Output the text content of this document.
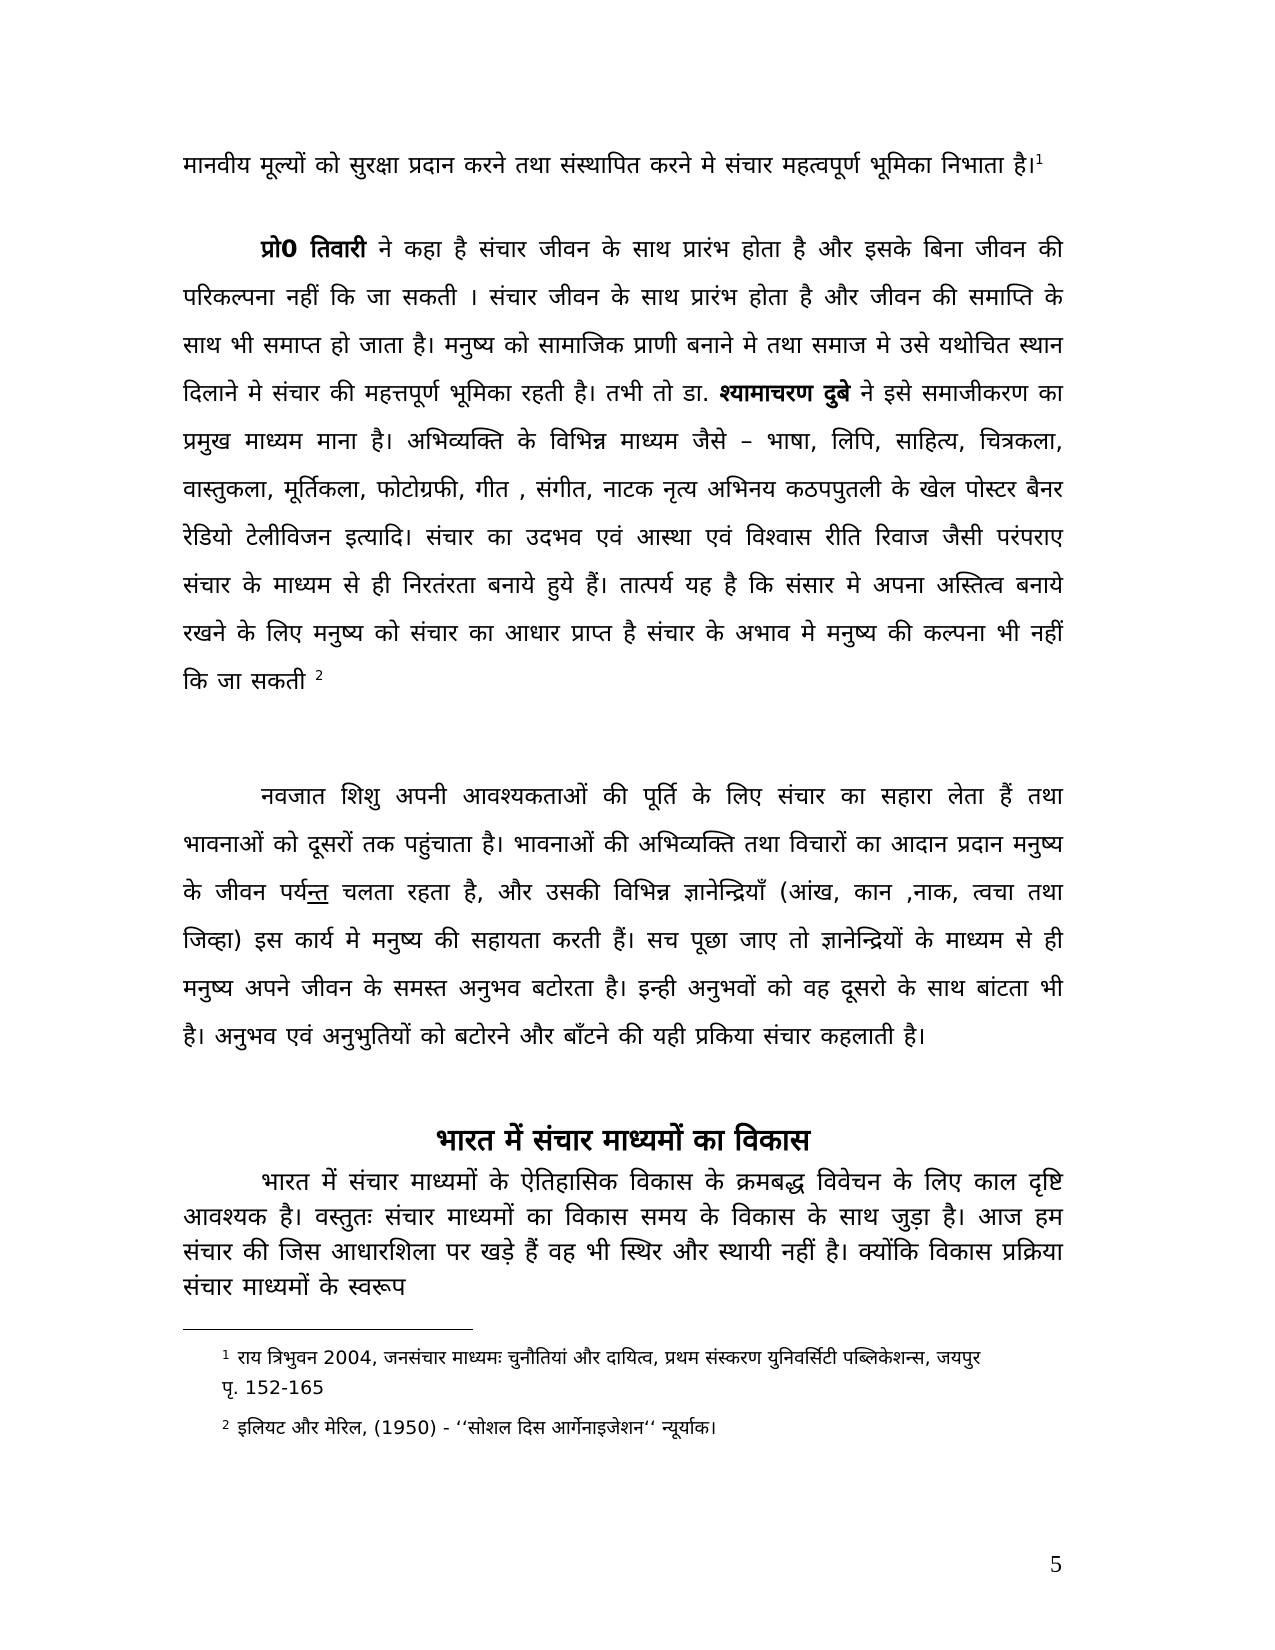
मानवीय मूल्यों को सुरक्षा प्रदान करने तथा संस्थापित करने मे संचार महत्वपूर्ण भूमिका निभाता है।$^1$

प्रो0 तिवारी ने कहा है संचार जीवन के साथ प्रारंभ होता है और इसके बिना जीवन की परिकल्पना नहीं कि जा सकती । संचार जीवन के साथ प्रारंभ होता है और जीवन की समाप्ति के साथ भी समाप्त हो जाता है। मनुष्य को सामाजिक प्राणी बनाने मे तथा समाज मे उसे यथोचित स्थान दिलाने मे संचार की महत्तपूर्ण भूमिका रहती है। तभी तो डा. श्यामाचरण दुबे ने इसे समाजीकरण का प्रमुख माध्यम माना है। अभिव्यक्ति के विभिन्न माध्यम जैसे – भाषा, लिपि, साहित्य, चित्रकला, वास्तुकला, मूर्तिकला, फोटोग्रफी, गीत , संगीत, नाटक नृत्य अभिनय कठपपुतली के खेल पोस्टर बैनर रेडियो टेलीविजन इत्यादि। संचार का उदभव एवं आस्था एवं विश्वास रीति रिवाज जैसी परंपराए संचार के माध्यम से ही निरतंरता बनाये हुये हैं। तात्पर्य यह है कि संसार मे अपना अस्तित्व बनाये रखने के लिए मनुष्य को संचार का आधार प्राप्त है संचार के अभाव मे मनुष्य की कल्पना भी नहीं कि जा सकती $^2$

नवजात शिशु अपनी आवश्यकताओं की पूर्ति के लिए संचार का सहारा लेता हैं तथा भावनाओं को दूसरों तक पहुंचाता है। भावनाओं की अभिव्यक्ति तथा विचारों का आदान प्रदान मनुष्य के जीवन पर्यन्त चलता रहता है, और उसकी विभिन्न ज्ञानेन्द्रियॉं (आंख, कान ,नाक, त्वचा तथा जिव्हा) इस कार्य मे मनुष्य की सहायता करती हैं। सच पूछा जाए तो ज्ञानेन्द्रियों के माध्यम से ही मनुष्य अपने जीवन के समस्त अनुभव बटोरता है। इन्ही अनुभवों को वह दूसरो के साथ बांटता भी है। अनुभव एवं अनुभुतियों को बटोरने और बॉंटने की यही प्रकिया संचार कहलाती है।

भारत में संचार माध्यमों का विकास

भारत में संचार माध्यमों के ऐतिहासिक विकास के क्रमबद्ध विवेचन के लिए काल दृष्टि आवश्यक है। वस्तुतः संचार माध्यमों का विकास समय के विकास के साथ जुड़ा है। आज हम संचार की जिस आधारशिला पर खड़े हैं वह भी स्थिर और स्थायी नहीं है। क्योंकि विकास प्रक्रिया संचार माध्यमों के स्वरूप

$^1$ राय त्रिभुवन 2004, जनसंचार माध्यमः चुनौतियां और दायित्व, प्रथम संस्करण युनिवर्सिटी पब्लिकेशन्स, जयपुर पृ. 152-165
$^2$ इलियट और मेरिल, (1950) - ‘‘सोशल दिस आर्गेनाइजेशन‘‘ न्यूर्याक।
5
